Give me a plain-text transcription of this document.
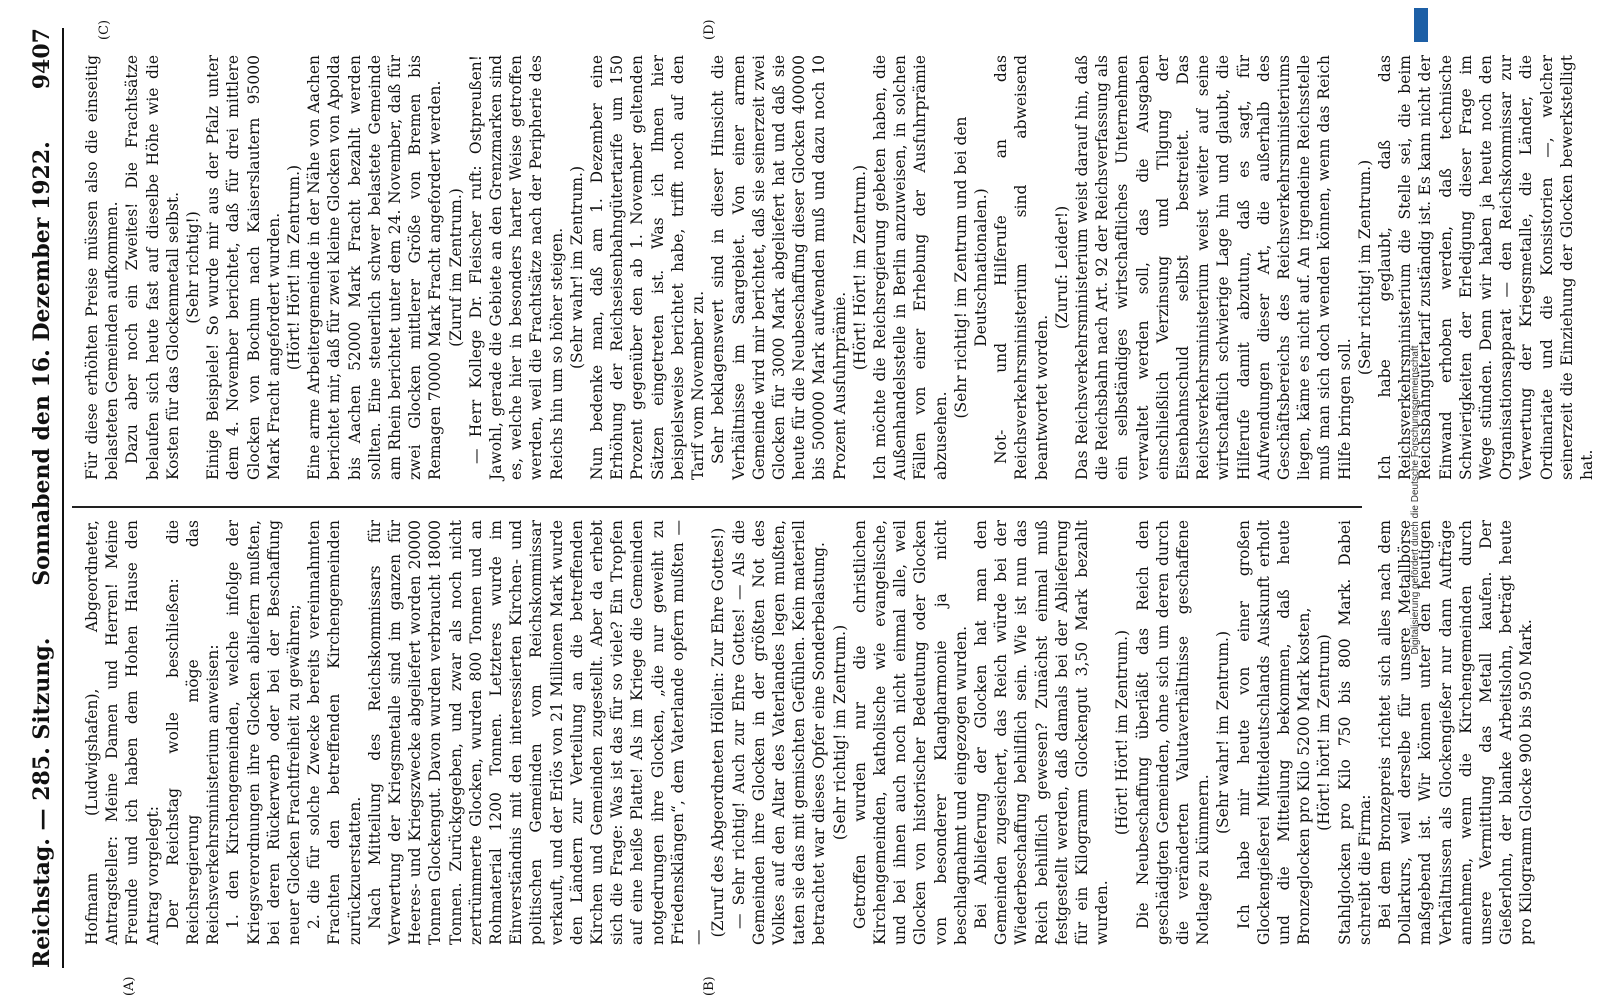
Reichstag. — 285. Sitzung.
Sonnabend den 16. Dezember 1922.
9407
(A)	(B)
(C)	(D)

Hofmann (Ludwigshafen), Abgeordneter, Antragsteller: Meine Damen und Herren! Meine Freunde und ich haben dem Hohen Hause den Antrag vorgelegt: Der Reichstag wolle beschließen: die Reichsregierung möge das Reichsverkehrsministerium anweisen: 1. den Kirchengemeinden, welche infolge der Kriegsverordnungen ihre Glocken abliefern mußten, bei deren Rückerwerb oder bei der Beschaffung neuer Glocken Frachtfreiheit zu gewähren; 2. die für solche Zwecke bereits vereinnahmten Frachten den betreffenden Kirchengemeinden zurückzuerstatten. Nach Mitteilung des Reichskommissars für Verwertung der Kriegsmetalle sind im ganzen für Heeres- und Kriegszwecke abgeliefert worden 20000 Tonnen Glockengut. Davon wurden verbraucht 18000 Tonnen. Zurückgegeben, und zwar als noch nicht zertrümmerte Glocken, wurden 800 Tonnen und an Rohmaterial 1200 Tonnen. Letzteres wurde im Einverständnis mit den interessierten Kirchen- und politischen Gemeinden vom Reichskommissar verkauft, und der Erlös von 21 Millionen Mark wurde den Ländern zur Verteilung an die betreffenden Kirchen und Gemeinden zugestellt. Aber da erhebt sich die Frage: Was ist das für so viele? Ein Tropfen auf eine heiße Platte! Als im Kriege die Gemeinden notgedrungen ihre Glocken, „die nur geweiht zu Friedensklängen“, dem Vaterlande opfern mußten — — (Zuruf des Abgeordneten Höllein: Zur Ehre Gottes!) — Sehr richtig! Auch zur Ehre Gottes! — Als die Gemeinden ihre Glocken in der größten Not des Volkes auf den Altar des Vaterlandes legen mußten, taten sie das mit gemischten Gefühlen. Kein materiell betrachtet war dieses Opfer eine Sonderbelastung. (Sehr richtig! im Zentrum.) Getroffen wurden nur die christlichen Kirchengemeinden, katholische wie evangelische, und bei ihnen auch noch nicht einmal alle, weil Glocken von historischer Bedeutung oder Glocken von besonderer Klangharmonie ja nicht beschlagnahmt und eingezogen wurden. Bei Ablieferung der Glocken hat man den Gemeinden zugesichert, das Reich würde bei der Wiederbeschaffung behilflich sein. Wie ist nun das Reich behilflich gewesen? Zunächst einmal muß festgestellt werden, daß damals bei der Ablieferung für ein Kilogramm Glockengut 3,50 Mark bezahlt wurden.

(Hört! Hört! im Zentrum.) Die Neubeschaffung überläßt das Reich den geschädigten Gemeinden, ohne sich um deren durch die veränderten Valutaverhältnisse geschaffene Notlage zu kümmern.

(Sehr wahr! im Zentrum.) Ich habe mir heute von einer großen Glockengießerei Mitteldeutschlands Auskunft erholt und die Mitteilung bekommen, daß heute Bronzeglocken pro Kilo 5200 Mark kosten, (Hört! hört! im Zentrum) Stahlglocken pro Kilo 750 bis 800 Mark. Dabei schreibt die Firma: Bei dem Bronzepreis richtet sich alles nach dem Dollarkurs, weil derselbe für unsere Metallbörse maßgebend ist. Wir können unter den heutigen Verhältnissen als Glockengießer nur dann Aufträge annehmen, wenn die Kirchengemeinden durch unsere Vermittlung das Metall kaufen. Der Gießerlohn, der blanke Arbeitslohn, beträgt heute pro Kilogramm Glocke 900 bis 950 Mark.

Für diese erhöhten Preise müssen also die einseitig belasteten Gemeinden aufkommen. Dazu aber noch ein Zweites! Die Frachtsätze belaufen sich heute fast auf dieselbe Höhe wie die Kosten für das Glockenmetall selbst. (Sehr richtig!) Einige Beispiele! So wurde mir aus der Pfalz unter dem 4. November berichtet, daß für drei mittlere Glocken von Bochum nach Kaiserslautern 95000 Mark Fracht angefordert wurden. (Hört! Hört! im Zentrum.) Eine arme Arbeitergemeinde in der Nähe von Aachen berichtet mir, daß für zwei kleine Glocken von Apolda bis Aachen 52000 Mark Fracht bezahlt werden sollten. Eine steuerlich schwer belastete Gemeinde am Rhein berichtet unter dem 24. November, daß für zwei Glocken mittlerer Größe von Bremen bis Remagen 70000 Mark Fracht angefordert werden. (Zuruf im Zentrum.) — Herr Kollege Dr. Fleischer ruft: Ostpreußen! Jawohl, gerade die Gebiete an den Grenzmarken sind es, welche hier in besonders harter Weise getroffen werden, weil die Frachtsätze nach der Peripherie des Reichs hin um so höher steigen. (Sehr wahr! im Zentrum.) Nun bedenke man, daß am 1. Dezember eine Erhöhung der Reichseisenbahngütertarife um 150 Prozent gegenüber den ab 1. November geltenden Sätzen eingetreten ist. Was ich Ihnen hier beispielsweise berichtet habe, trifft noch auf den Tarif vom November zu. Sehr beklagenswert sind in dieser Hinsicht die Verhältnisse im Saargebiet. Von einer armen Gemeinde wird mir berichtet, daß sie seinerzeit zwei Glocken für 3000 Mark abgeliefert hat und daß sie heute für die Neubeschaffung dieser Glocken 400000 bis 500000 Mark aufwenden muß und dazu noch 10 Prozent Ausfuhrprämie.

(Hört! Hört! im Zentrum.) Ich möchte die Reichsregierung gebeten haben, die Außenhandelsstelle in Berlin anzuweisen, in solchen Fällen von einer Erhebung der Ausfuhrprämie abzusehen.

(Sehr richtig! im Zentrum und bei den Deutschnationalen.) Not- und Hilferufe an das Reichsverkehrsministerium sind abweisend beantwortet worden.

(Zuruf: Leider!) Das Reichsverkehrsministerium weist darauf hin, daß die Reichsbahn nach Art. 92 der Reichsverfassung als ein selbständiges wirtschaftliches Unternehmen verwaltet werden soll, das die Ausgaben einschließlich Verzinsung und Tilgung der Eisenbahnschuld selbst bestreitet. Das Reichsverkehrsministerium weist weiter auf seine wirtschaftlich schwierige Lage hin und glaubt, die Hilferufe damit abzutun, daß es sagt, für Aufwendungen dieser Art, die außerhalb des Geschäftsbereichs des Reichsverkehrsministeriums liegen, käme es nicht auf. An irgendeine Reichsstelle muß man sich doch wenden können, wenn das Reich Hilfe bringen soll.

(Sehr richtig! im Zentrum.) Ich habe geglaubt, daß das Reichsverkehrsministerium die Stelle sei, die beim Reichsbahngütertarif zuständig ist. Es kann nicht der Einwand erhoben werden, daß technische Schwierigkeiten der Erledigung dieser Frage im Wege stünden. Denn wir haben ja heute noch den Organisationsapparat — den Reichskommissar zur Verwertung der Kriegsmetalle, die Länder, die Ordinariate und die Konsistorien —, welcher seinerzeit die Einziehung der Glocken bewerkstelligt hat.

Digitalisierung gefördert durch die Deutsche Forschungsgemeinschaft
